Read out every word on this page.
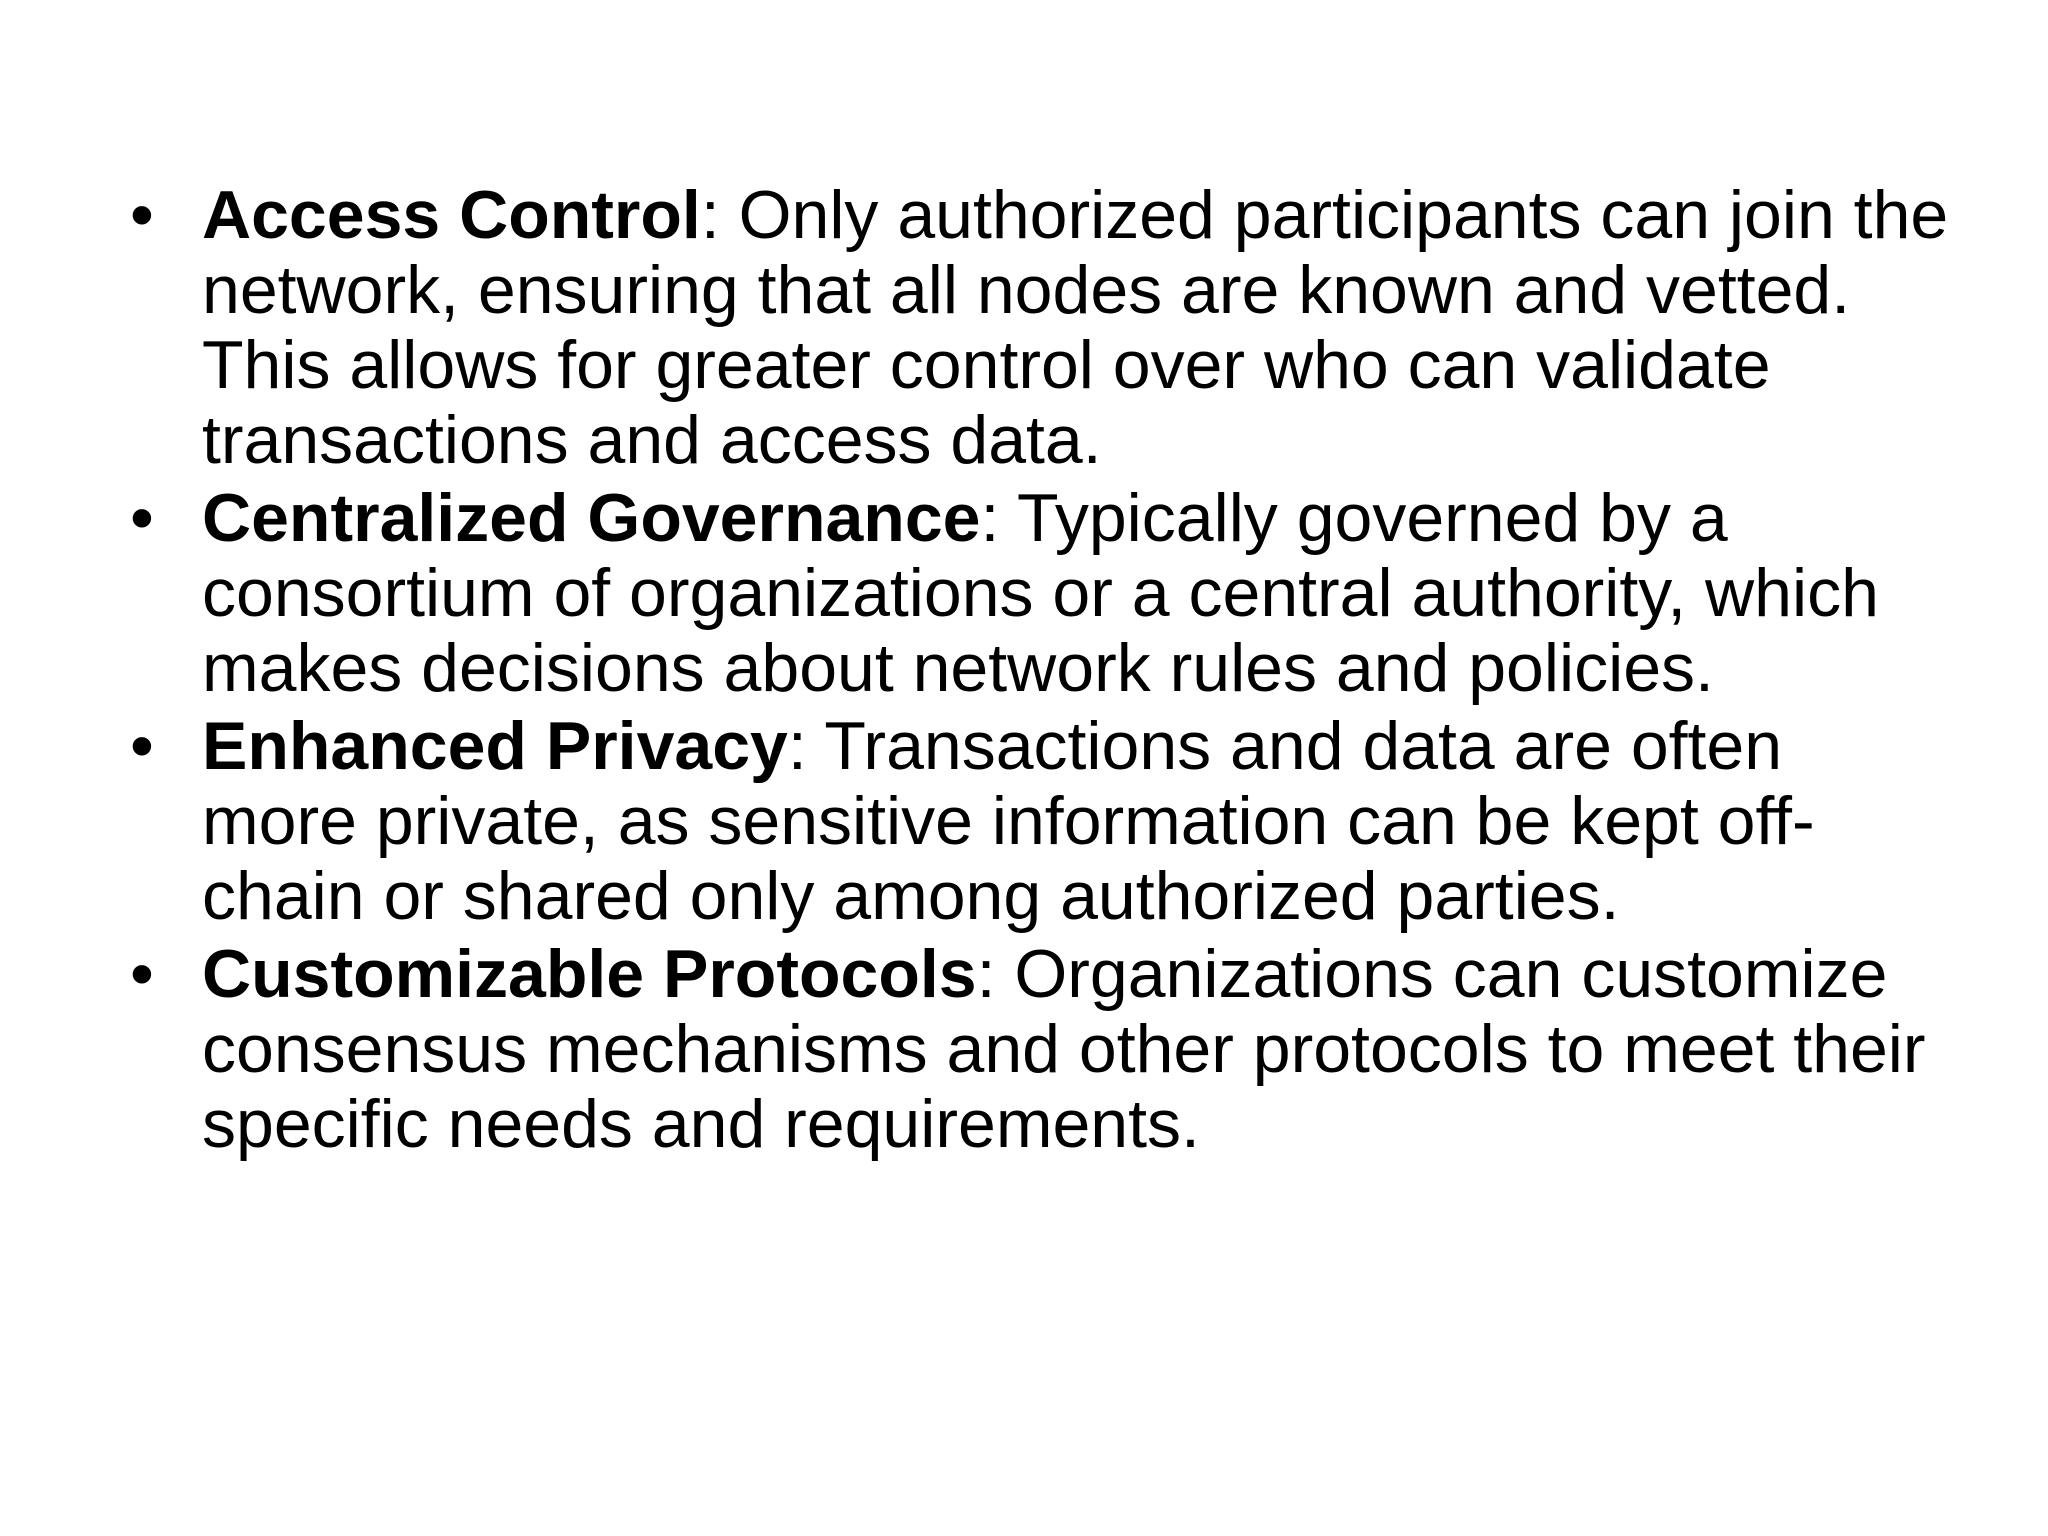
• Access Control: Only authorized participants can join the network, ensuring that all nodes are known and vetted. This allows for greater control over who can validate transactions and access data.
• Centralized Governance: Typically governed by a consortium of organizations or a central authority, which makes decisions about network rules and policies.
• Enhanced Privacy: Transactions and data are often more private, as sensitive information can be kept off-chain or shared only among authorized parties.
• Customizable Protocols: Organizations can customize consensus mechanisms and other protocols to meet their specific needs and requirements.
